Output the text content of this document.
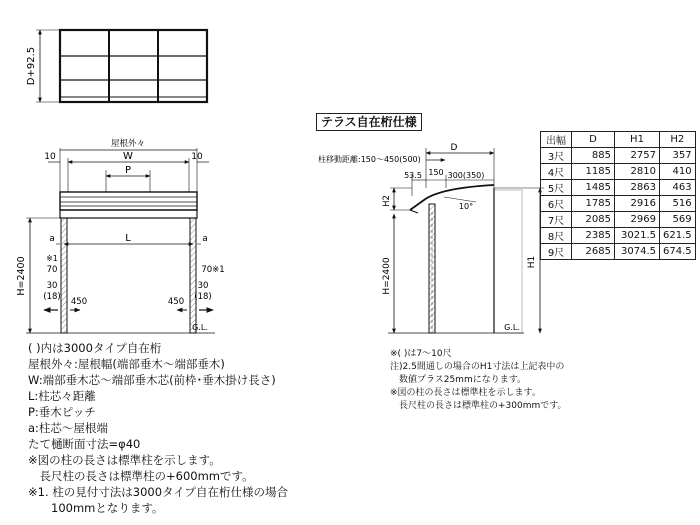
D+92.5
屋根外々
10	W	10
P
L
a	a
※1
70	70※1
H=2400 30
(18)
30
(18)
450	450
G.L.
柱移動距離:150～450(500)
D
53.5 150 300(350)
10°
H2
H=2400	H1
G.L.
テラス自在桁仕様
出幅	D	H1	H2
3尺	885	2757	357
4尺	1185	2810	410
5尺	1485	2863	463
6尺	1785	2916	516
7尺	2085	2969	569
8尺	2385	3021.5	621.5
9尺	2685	3074.5	674.5
( )内は3000タイプ自在桁
屋根外々:屋根幅(端部垂木～端部垂木)
W:端部垂木芯～端部垂木芯(前枠･垂木掛け長さ)
L:柱芯々距離
P:垂木ピッチ
a:柱芯～屋根端
たて樋断面寸法=φ40
※図の柱の長さは標準柱を示します。
　長尺柱の長さは標準柱の+600mmです。
※1. 柱の見付寸法は3000タイプ自在桁仕様の場合
　　100mmとなります。
※( )は7～10尺
注)2.5間通しの場合のH1寸法は上記表中の
　数値プラス25mmになります。
※図の柱の長さは標準柱を示します。
　長尺柱の長さは標準柱の+300mmです。
